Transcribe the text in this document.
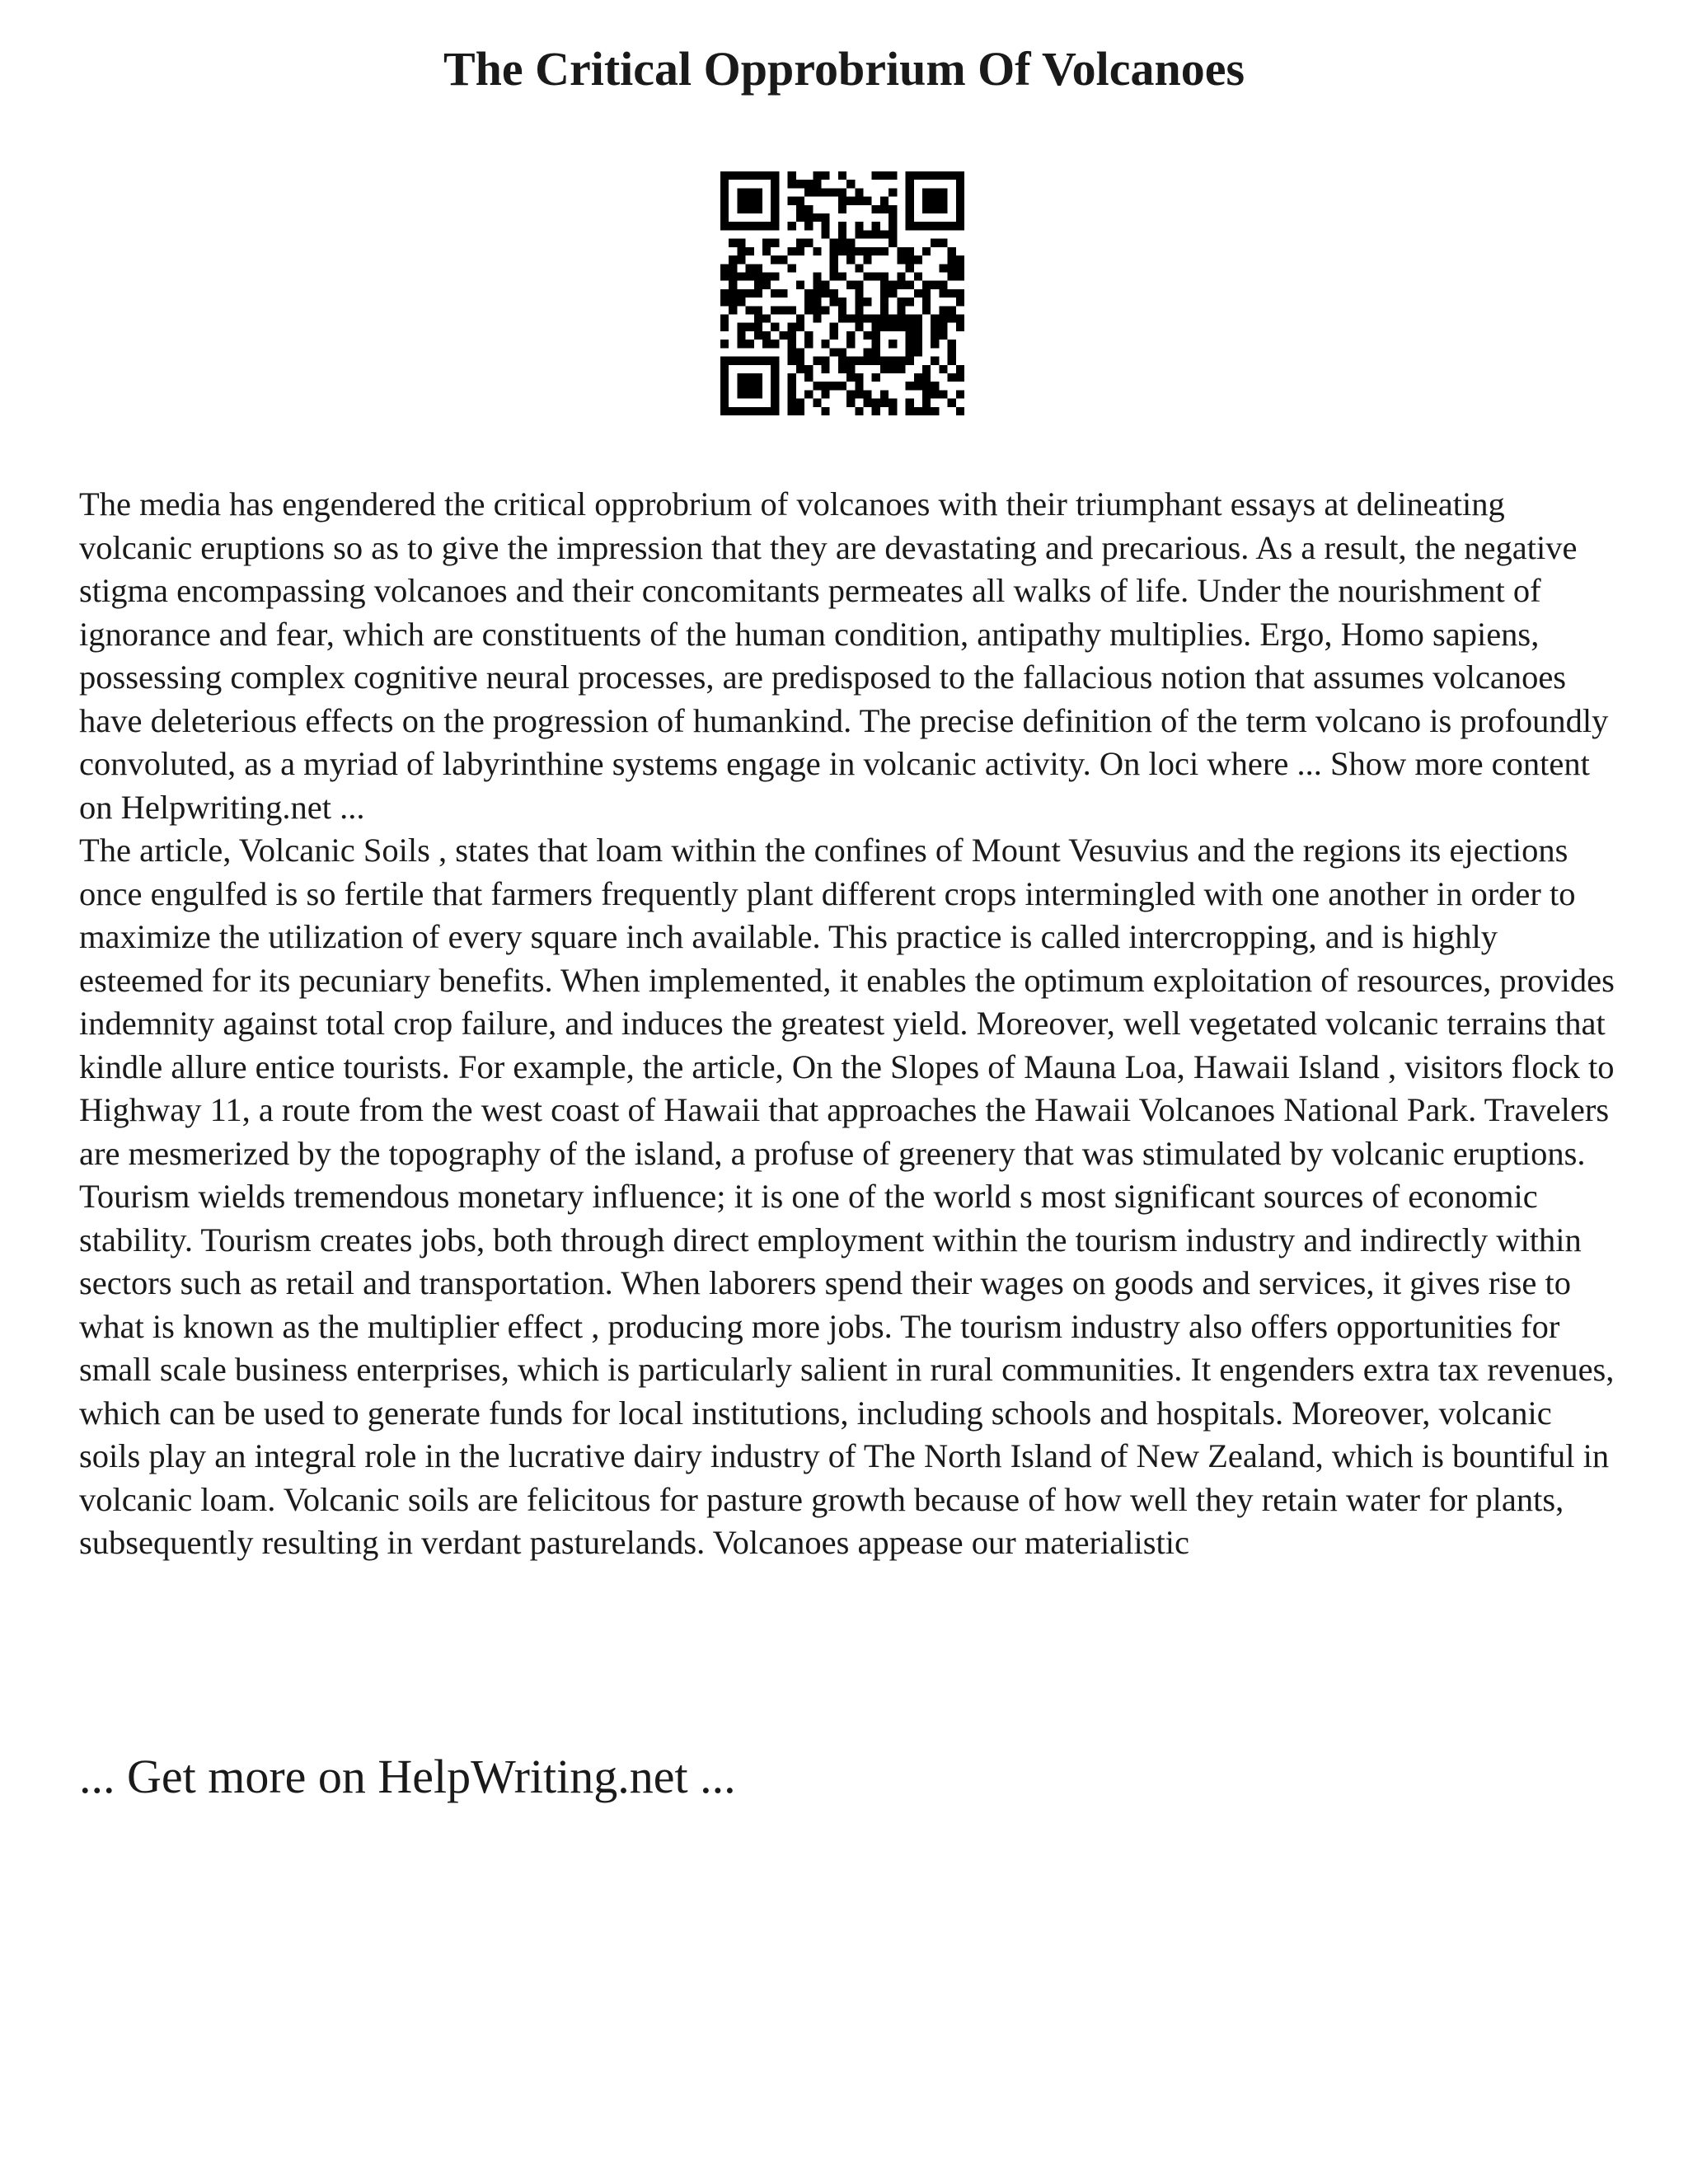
The Critical Opprobrium Of Volcanoes

The media has engendered the critical opprobrium of volcanoes with their triumphant essays at delineating volcanic eruptions so as to give the impression that they are devastating and precarious. As a result, the negative stigma encompassing volcanoes and their concomitants permeates all walks of life. Under the nourishment of ignorance and fear, which are constituents of the human condition, antipathy multiplies. Ergo, Homo sapiens, possessing complex cognitive neural processes, are predisposed to the fallacious notion that assumes volcanoes have deleterious effects on the progression of humankind. The precise definition of the term volcano is profoundly convoluted, as a myriad of labyrinthine systems engage in volcanic activity. On loci where ... Show more content on Helpwriting.net ...

The article, Volcanic Soils , states that loam within the confines of Mount Vesuvius and the regions its ejections once engulfed is so fertile that farmers frequently plant different crops intermingled with one another in order to maximize the utilization of every square inch available. This practice is called intercropping, and is highly esteemed for its pecuniary benefits. When implemented, it enables the optimum exploitation of resources, provides indemnity against total crop failure, and induces the greatest yield. Moreover, well vegetated volcanic terrains that kindle allure entice tourists. For example, the article, On the Slopes of Mauna Loa, Hawaii Island , visitors flock to Highway 11, a route from the west coast of Hawaii that approaches the Hawaii Volcanoes National Park. Travelers are mesmerized by the topography of the island, a profuse of greenery that was stimulated by volcanic eruptions. Tourism wields tremendous monetary influence; it is one of the world s most significant sources of economic stability. Tourism creates jobs, both through direct employment within the tourism industry and indirectly within sectors such as retail and transportation. When laborers spend their wages on goods and services, it gives rise to what is known as the multiplier effect , producing more jobs. The tourism industry also offers opportunities for small scale business enterprises, which is particularly salient in rural communities. It engenders extra tax revenues, which can be used to generate funds for local institutions, including schools and hospitals. Moreover, volcanic soils play an integral role in the lucrative dairy industry of The North Island of New Zealand, which is bountiful in volcanic loam. Volcanic soils are felicitous for pasture growth because of how well they retain water for plants, subsequently resulting in verdant pasturelands. Volcanoes appease our materialistic

... Get more on HelpWriting.net ...
